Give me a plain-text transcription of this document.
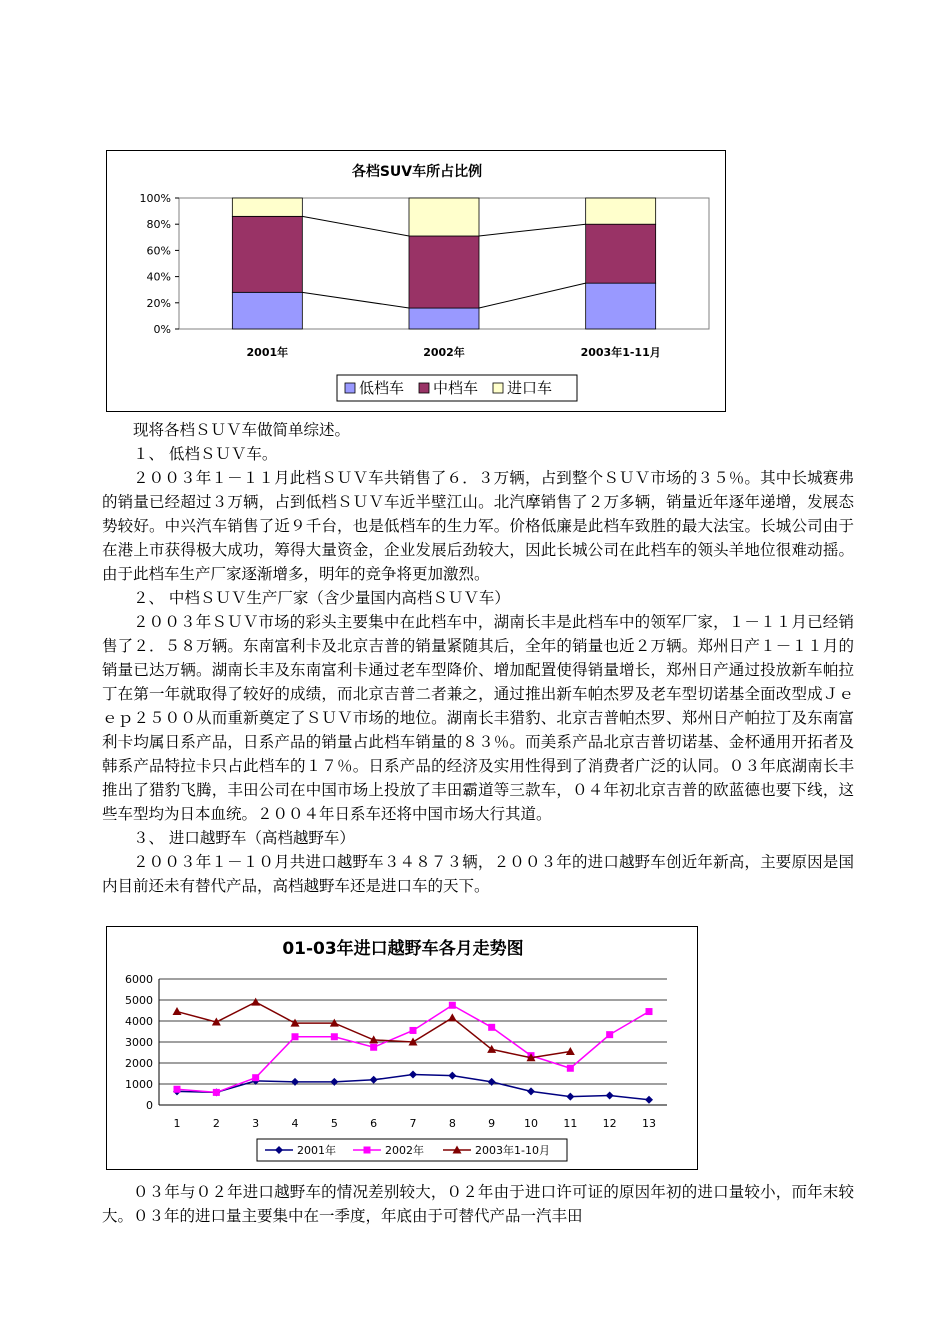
各档SUV车所占比例
0%
20%
40%
60%
80%
100%
2001年	2002年	2003年1-11月
低档车 中档车 进口车

现将各档ＳＵＶ车做简单综述。

１、 低档ＳＵＶ车。

２００３年１－１１月此档ＳＵＶ车共销售了６．３万辆，占到整个ＳＵＶ市场的３５％。其中长城赛弗的销量已经超过３万辆，占到低档ＳＵＶ车近半壁江山。北汽摩销售了２万多辆，销量近年逐年递增，发展态势较好。中兴汽车销售了近９千台，也是低档车的生力军。价格低廉是此档车致胜的最大法宝。长城公司由于在港上市获得极大成功，筹得大量资金，企业发展后劲较大，因此长城公司在此档车的领头羊地位很难动摇。由于此档车生产厂家逐渐增多，明年的竞争将更加激烈。

２、 中档ＳＵＶ生产厂家（含少量国内高档ＳＵＶ车）

２００３年ＳＵＶ市场的彩头主要集中在此档车中，湖南长丰是此档车中的领军厂家，１－１１月已经销售了２．５８万辆。东南富利卡及北京吉普的销量紧随其后，全年的销量也近２万辆。郑州日产１－１１月的销量已达万辆。湖南长丰及东南富利卡通过老车型降价、增加配置使得销量增长，郑州日产通过投放新车帕拉丁在第一年就取得了较好的成绩，而北京吉普二者兼之，通过推出新车帕杰罗及老车型切诺基全面改型成Ｊｅｅｐ２５００从而重新奠定了ＳＵＶ市场的地位。湖南长丰猎豹、北京吉普帕杰罗、郑州日产帕拉丁及东南富利卡均属日系产品，日系产品的销量占此档车销量的８３％。而美系产品北京吉普切诺基、金杯通用开拓者及韩系产品特拉卡只占此档车的１７％。日系产品的经济及实用性得到了消费者广泛的认同。０３年底湖南长丰推出了猎豹飞腾，丰田公司在中国市场上投放了丰田霸道等三款车，０４年初北京吉普的欧蓝德也要下线，这些车型均为日本血统。２００４年日系车还将中国市场大行其道。

３、 进口越野车（高档越野车）

２００３年１－１０月共进口越野车３４８７３辆，２００３年的进口越野车创近年新高，主要原因是国内目前还未有替代产品，高档越野车还是进口车的天下。

01-03年进口越野车各月走势图
0
1000
2000
3000
4000
5000
6000
1	2	3	4	5	6	7	8	9	10 11 12 13
2001年	2002年	2003年1-10月

０３年与０２年进口越野车的情况差别较大，０２年由于进口许可证的原因年初的进口量较小，而年末较大。０３年的进口量主要集中在一季度，年底由于可替代产品一汽丰田
